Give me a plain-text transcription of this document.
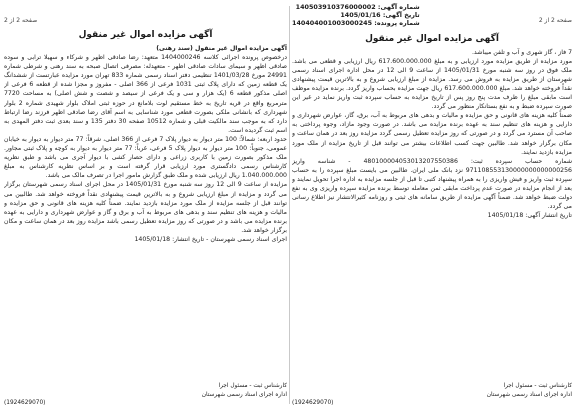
صفحه 2 از 2
آگهی مزایده اموال غیر منقول

آگهی مزایده اموال غیر منقول (سند رهنی)

درخصوص پرونده اجرائی کلاسه 1404000246 متعهد: رضا صادقی اظهر و شرکاء و سهیلا ترابی و سوده صادقی اظهر و سیمای سادات صادقی اظهر - متعهدله: مصرفی اتصال صبحه به سند رهنی و شرطی شماره 24991 مورخ 1401/03/28 تنظیمی دفتر اسناد رسمی شماره 833 تهران مورد مزایده عبارتست از ششدانگ یک قطعه زمین که دارای پلاک ثبتی 1031 فرعی از 366 اصلی - مفروز و مجزا شده از قطعه 6 فرعی از اصلی مذکور قطعه 6 (یک هزار و سی و یک فرعی از سیصد و شصت و شش اصلی) به مساحت 7720 مترمربع واقع در قریه تاریخ به خط مستقیم لوت بلامانع در حوزه ثبتی املاک بلوار شهیدی شماره 2 بلوار شهرداری که بانشانی ملکی بصورت قطعی مورد شناسایی به اسم آقای رضا صادقی اظهر فرزند رضا ارتباط دارد که به موجب سند مالکیت قبلی و شماره 10512 صفحه 30 دفتر 135 و سند بعدی ثبت دفتر المهدی به اسم ثبت گردیده است.

حدود اربعه: شمالاً: 100 متر دیوار به دیوار پلاک 7 فرعی از 366 اصلی، شرقاً: 77 متر دیوار به دیوار به خیابان عمومی، جنوباً: 100 متر دیوار به دیوار پلاک 5 فرعی، غرباً: 77 متر دیوار به دیوار به کوچه و پلاک ثبتی مجاور. ملک مذکور بصورت زمین با کاربری زراعی و دارای حصار کشی با دیوار آجری می باشد و طبق نظریه کارشناس رسمی دادگستری مورد ارزیابی قرار گرفته است و بر اساس نظریه کارشناس به مبلغ 1.040.000.000 ریال ارزیابی شده و ملک طبق گزارش مامور اجرا در تصرف مالک می باشد.

مزایده از ساعت 9 الی 12 روز سه شنبه مورخ 1405/01/31 در محل اجرای اسناد رسمی شهرستان برگزار می گردد و مزایده از مبلغ ارزیابی شروع و به بالاترین قیمت پیشنهادی نقداً فروخته خواهد شد. طالبین می توانند قبل از جلسه مزایده از ملک مورد مزایده بازدید نمایند. ضمناً کلیه هزینه های قانونی و حق مزایده و مالیات و هزینه های تنظیم سند و بدهی های مربوط به آب و برق و گاز و عوارض شهرداری و دارایی به عهده برنده مزایده می باشد و در صورتی که روز مزایده تعطیل رسمی باشد مزایده روز بعد در همان ساعت و مکان برگزار خواهد شد.

اجرای اسناد رسمی شهرستان - تاریخ انتشار: 1405/01/18

کارشناس ثبت - مسئول اجرا
اداره اجرای اسناد رسمی شهرستان
(1924629070)
شماره آگهی: 140503910376000002
تاریخ آگهی: 1405/01/16
شماره پرونده: 140404001003000245	صفحه 2 از 2
آگهی مزایده اموال غیر منقول

7 فاز ، گاز شهری و آب و تلفن میباشد.

مورد مزایده از طریق مزایده مورد ارزیابی و به مبلغ 617.600.000.000 ریال ارزیابی و قطعی می باشد. ملک فوق در روز سه شنبه مورخ 1405/01/31 از ساعت 9 الی 12 در محل اداره اجرای اسناد رسمی شهرستان از طریق مزایده به فروش می رسد. مزایده از مبلغ ارزیابی شروع و به بالاترین قیمت پیشنهادی نقداً فروخته خواهد شد. مبلغ 617.600.000.000 ریال جهت مزایده بحساب واریز گردد. برنده مزایده موظف است مابقی مبلغ را ظرف مدت پنج روز پس از تاریخ مزایده به حساب سپرده ثبت واریز نماید در غیر این صورت سپرده ضبط و به نفع بستانکار منظور می گردد.

ضمناً کلیه هزینه های قانونی و حق مزایده و مالیات و بدهی های مربوط به آب، برق، گاز، عوارض شهرداری و دارایی و هزینه های تنظیم سند به عهده برنده مزایده می باشد. در صورت وجود مازاد، وجوه پرداختی به صاحب آن مسترد می گردد و در صورتی که روز مزایده تعطیل رسمی گردد مزایده روز بعد در همان ساعت و مکان برگزار خواهد شد. طالبین جهت کسب اطلاعات بیشتر می توانند قبل از تاریخ مزایده از ملک مورد مزایده بازدید نمایند.

شماره حساب سپرده ثبت: 480100004053013207550386 - شناسه واریز 971108553130000000000000256 نزد بانک ملی ایران. طالبین می بایست مبلغ سپرده را به حساب سپرده ثبت واریز و فیش واریزی را به همراه پیشنهاد کتبی تا قبل از جلسه مزایده به اداره اجرا تحویل نمایند و بعد از انجام مزایده در صورت عدم پرداخت مابقی ثمن معامله توسط برنده مزایده سپرده واریزی وی به نفع دولت ضبط خواهد شد. ضمناً آگهی مزایده از طریق سامانه های ثبتی و روزنامه کثیرالانتشار نیز اطلاع رسانی می گردد.

تاریخ انتشار آگهی: 1405/01/18

کارشناس ثبت - مسئول اجرا
اداره اجرای اسناد رسمی شهرستان
(1924629070)
